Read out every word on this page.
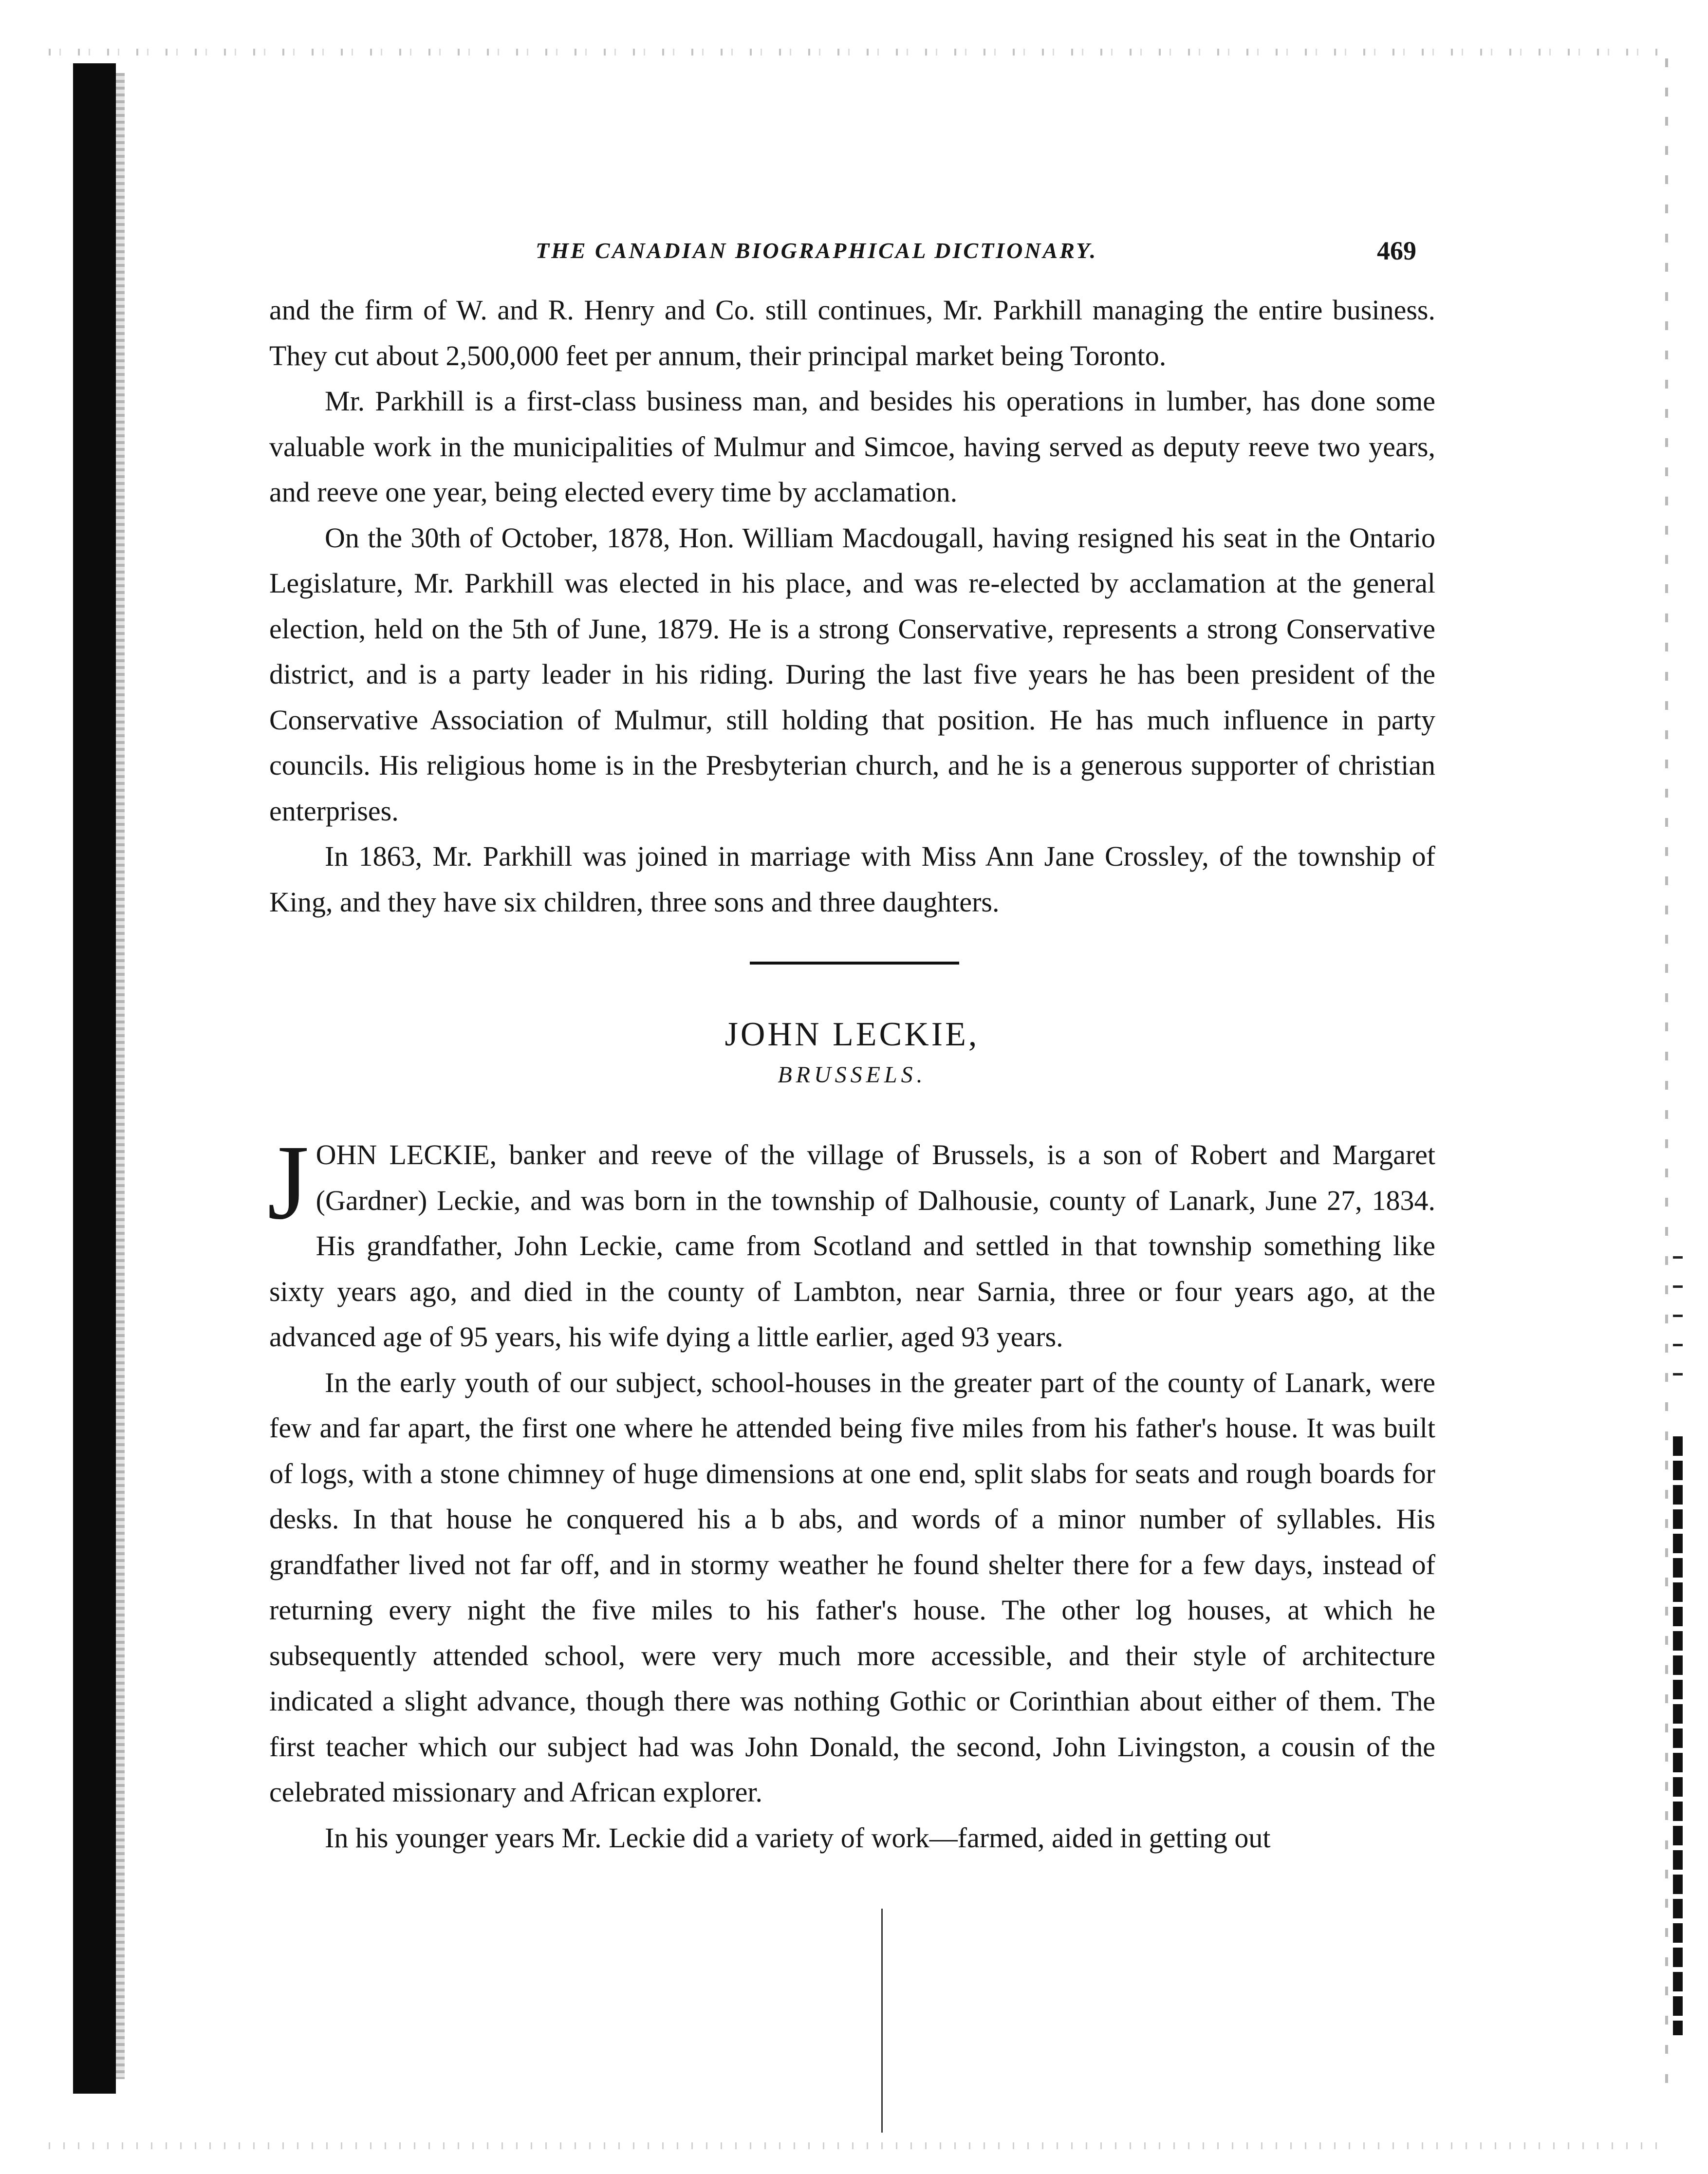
THE CANADIAN BIOGRAPHICAL DICTIONARY.	469

and the firm of W. and R. Henry and Co. still continues, Mr. Parkhill managing the entire business. They cut about 2,500,000 feet per annum, their principal market being Toronto.

Mr. Parkhill is a first-class business man, and besides his operations in lumber, has done some valuable work in the municipalities of Mulmur and Simcoe, having served as deputy reeve two years, and reeve one year, being elected every time by acclamation.

On the 30th of October, 1878, Hon. William Macdougall, having resigned his seat in the Ontario Legislature, Mr. Parkhill was elected in his place, and was re-elected by acclamation at the general election, held on the 5th of June, 1879. He is a strong Conservative, represents a strong Conservative district, and is a party leader in his riding. During the last five years he has been president of the Conservative Association of Mulmur, still holding that position. He has much influence in party councils. His religious home is in the Presbyterian church, and he is a generous supporter of christian enterprises.

In 1863, Mr. Parkhill was joined in marriage with Miss Ann Jane Crossley, of the township of King, and they have six children, three sons and three daughters.

JOHN LECKIE,
BRUSSELS.

JOHN LECKIE, banker and reeve of the village of Brussels, is a son of Robert and Margaret (Gardner) Leckie, and was born in the township of Dalhousie, county of Lanark, June 27, 1834. His grandfather, John Leckie, came from Scotland and settled in that township something like sixty years ago, and died in the county of Lambton, near Sarnia, three or four years ago, at the advanced age of 95 years, his wife dying a little earlier, aged 93 years.

In the early youth of our subject, school-houses in the greater part of the county of Lanark, were few and far apart, the first one where he attended being five miles from his father's house. It was built of logs, with a stone chimney of huge dimensions at one end, split slabs for seats and rough boards for desks. In that house he conquered his a b abs, and words of a minor number of syllables. His grandfather lived not far off, and in stormy weather he found shelter there for a few days, instead of returning every night the five miles to his father's house. The other log houses, at which he subsequently attended school, were very much more accessible, and their style of architecture indicated a slight advance, though there was nothing Gothic or Corinthian about either of them. The first teacher which our subject had was John Donald, the second, John Livingston, a cousin of the celebrated missionary and African explorer.

In his younger years Mr. Leckie did a variety of work—farmed, aided in getting out
